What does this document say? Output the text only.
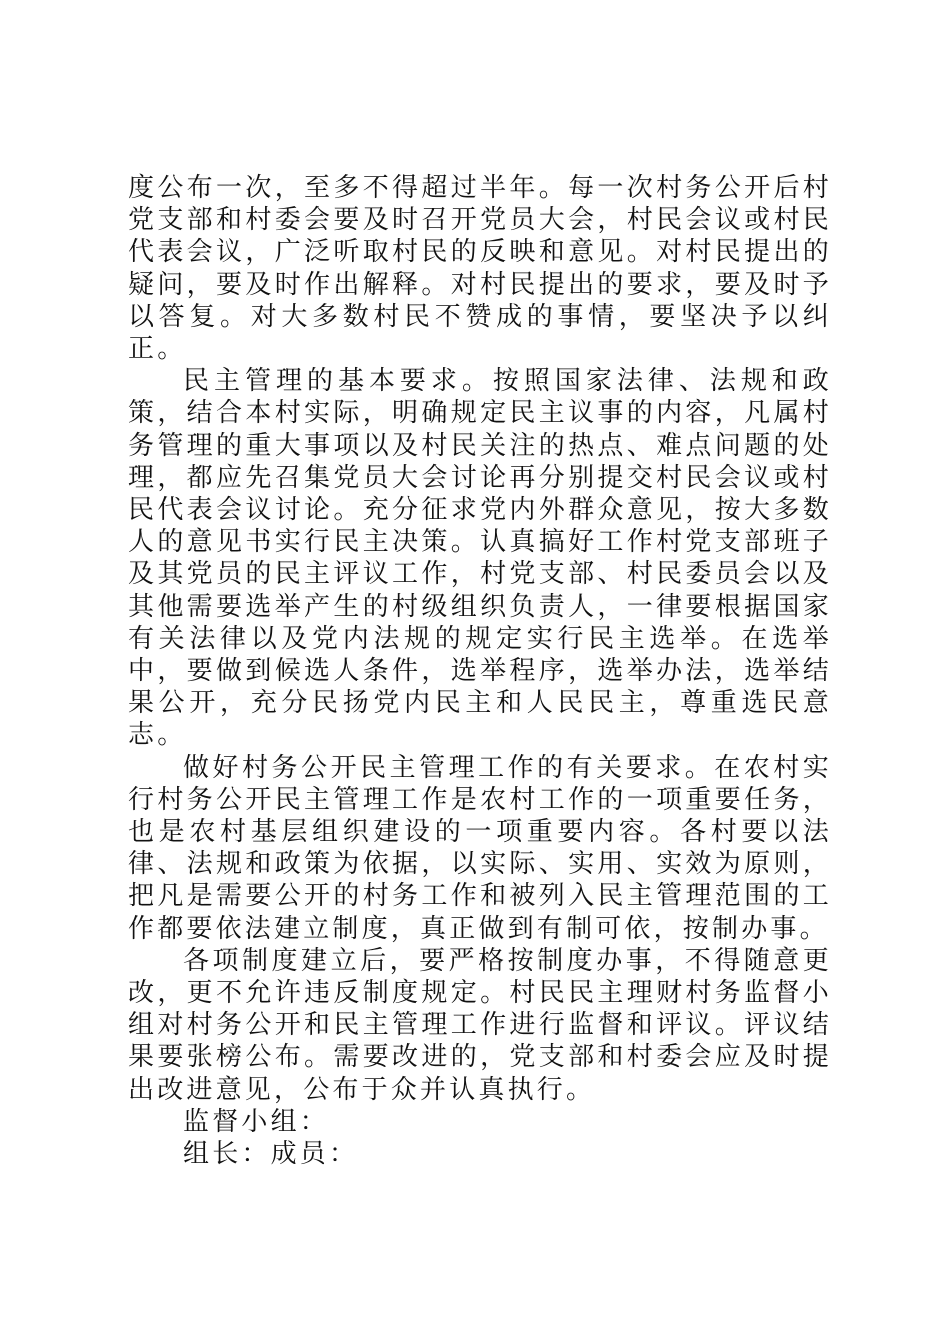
度公布一次，至多不得超过半年。每一次村务公开后村党支部和村委会要及时召开党员大会，村民会议或村民代表会议，广泛听取村民的反映和意见。对村民提出的疑问，要及时作出解释。对村民提出的要求，要及时予以答复。对大多数村民不赞成的事情，要坚决予以纠正。

民主管理的基本要求。按照国家法律、法规和政策，结合本村实际，明确规定民主议事的内容，凡属村务管理的重大事项以及村民关注的热点、难点问题的处理，都应先召集党员大会讨论再分别提交村民会议或村民代表会议讨论。充分征求党内外群众意见，按大多数人的意见书实行民主决策。认真搞好工作村党支部班子及其党员的民主评议工作，村党支部、村民委员会以及其他需要选举产生的村级组织负责人，一律要根据国家有关法律以及党内法规的规定实行民主选举。在选举中，要做到候选人条件，选举程序，选举办法，选举结果公开，充分民扬党内民主和人民民主，尊重选民意志。

做好村务公开民主管理工作的有关要求。在农村实行村务公开民主管理工作是农村工作的一项重要任务，也是农村基层组织建设的一项重要内容。各村要以法律、法规和政策为依据，以实际、实用、实效为原则，把凡是需要公开的村务工作和被列入民主管理范围的工作都要依法建立制度，真正做到有制可依，按制办事。

各项制度建立后，要严格按制度办事，不得随意更改，更不允许违反制度规定。村民民主理财村务监督小组对村务公开和民主管理工作进行监督和评议。评议结果要张榜公布。需要改进的，党支部和村委会应及时提出改进意见，公布于众并认真执行。

监督小组：

组长：成员：
